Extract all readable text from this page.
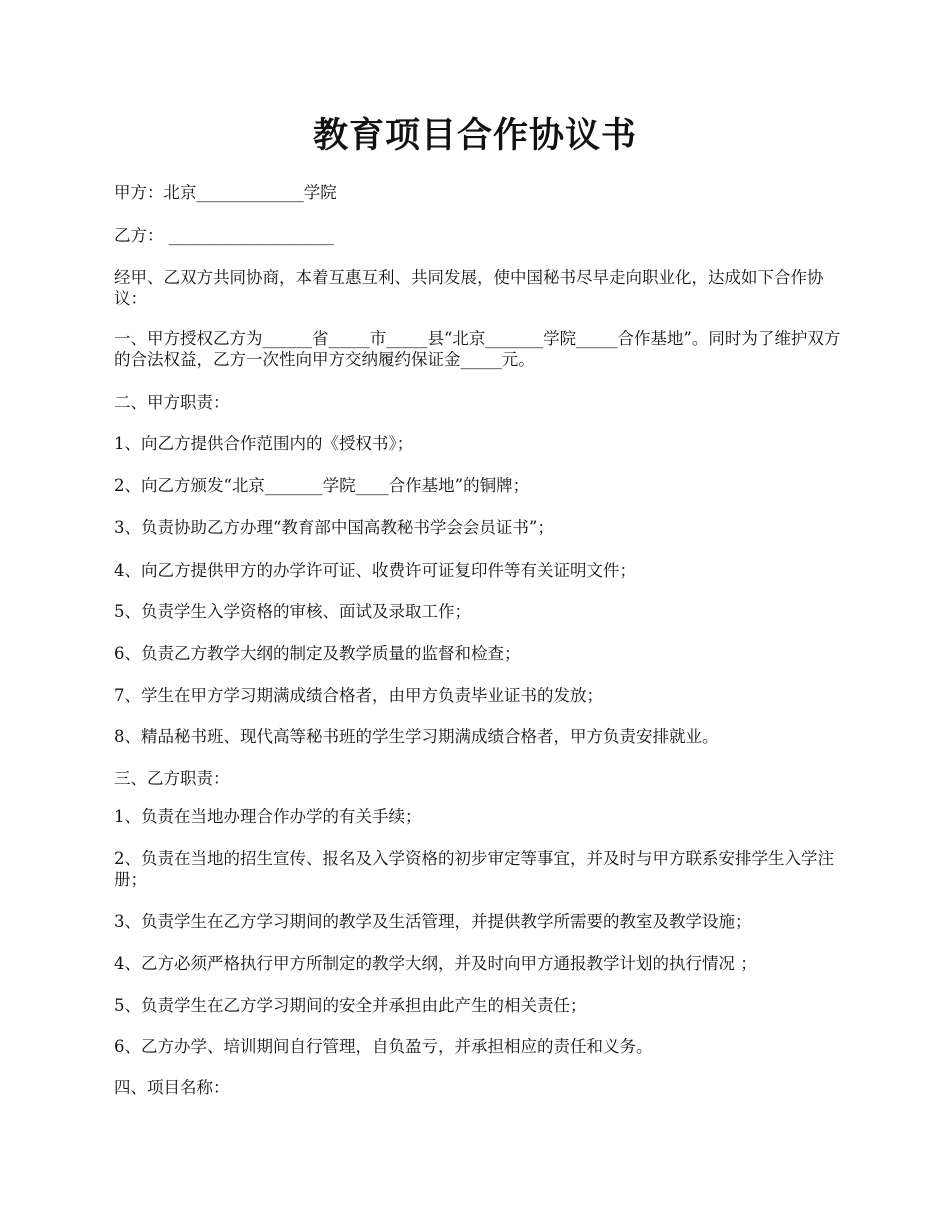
教育项目合作协议书
甲方：北京_____________学院
乙方： ____________________
经甲、乙双方共同协商，本着互惠互利、共同发展，使中国秘书尽早走向职业化，达成如下合作协议：
一、甲方授权乙方为______省_____市_____县“北京_______学院_____合作基地”。同时为了维护双方的合法权益，乙方一次性向甲方交纳履约保证金_____元。
二、甲方职责：
1、向乙方提供合作范围内的《授权书》；
2、向乙方颁发“北京_______学院____合作基地”的铜牌；
3、负责协助乙方办理“教育部中国高教秘书学会会员证书”；
4、向乙方提供甲方的办学许可证、收费许可证复印件等有关证明文件；
5、负责学生入学资格的审核、面试及录取工作；
6、负责乙方教学大纲的制定及教学质量的监督和检查；
7、学生在甲方学习期满成绩合格者，由甲方负责毕业证书的发放；
8、精品秘书班、现代高等秘书班的学生学习期满成绩合格者，甲方负责安排就业。
三、乙方职责：
1、负责在当地办理合作办学的有关手续；
2、负责在当地的招生宣传、报名及入学资格的初步审定等事宜，并及时与甲方联系安排学生入学注册；
3、负责学生在乙方学习期间的教学及生活管理，并提供教学所需要的教室及教学设施；
4、乙方必须严格执行甲方所制定的教学大纲，并及时向甲方通报教学计划的执行情况 ；
5、负责学生在乙方学习期间的安全并承担由此产生的相关责任；
6、乙方办学、培训期间自行管理，自负盈亏，并承担相应的责任和义务。
四、项目名称：
